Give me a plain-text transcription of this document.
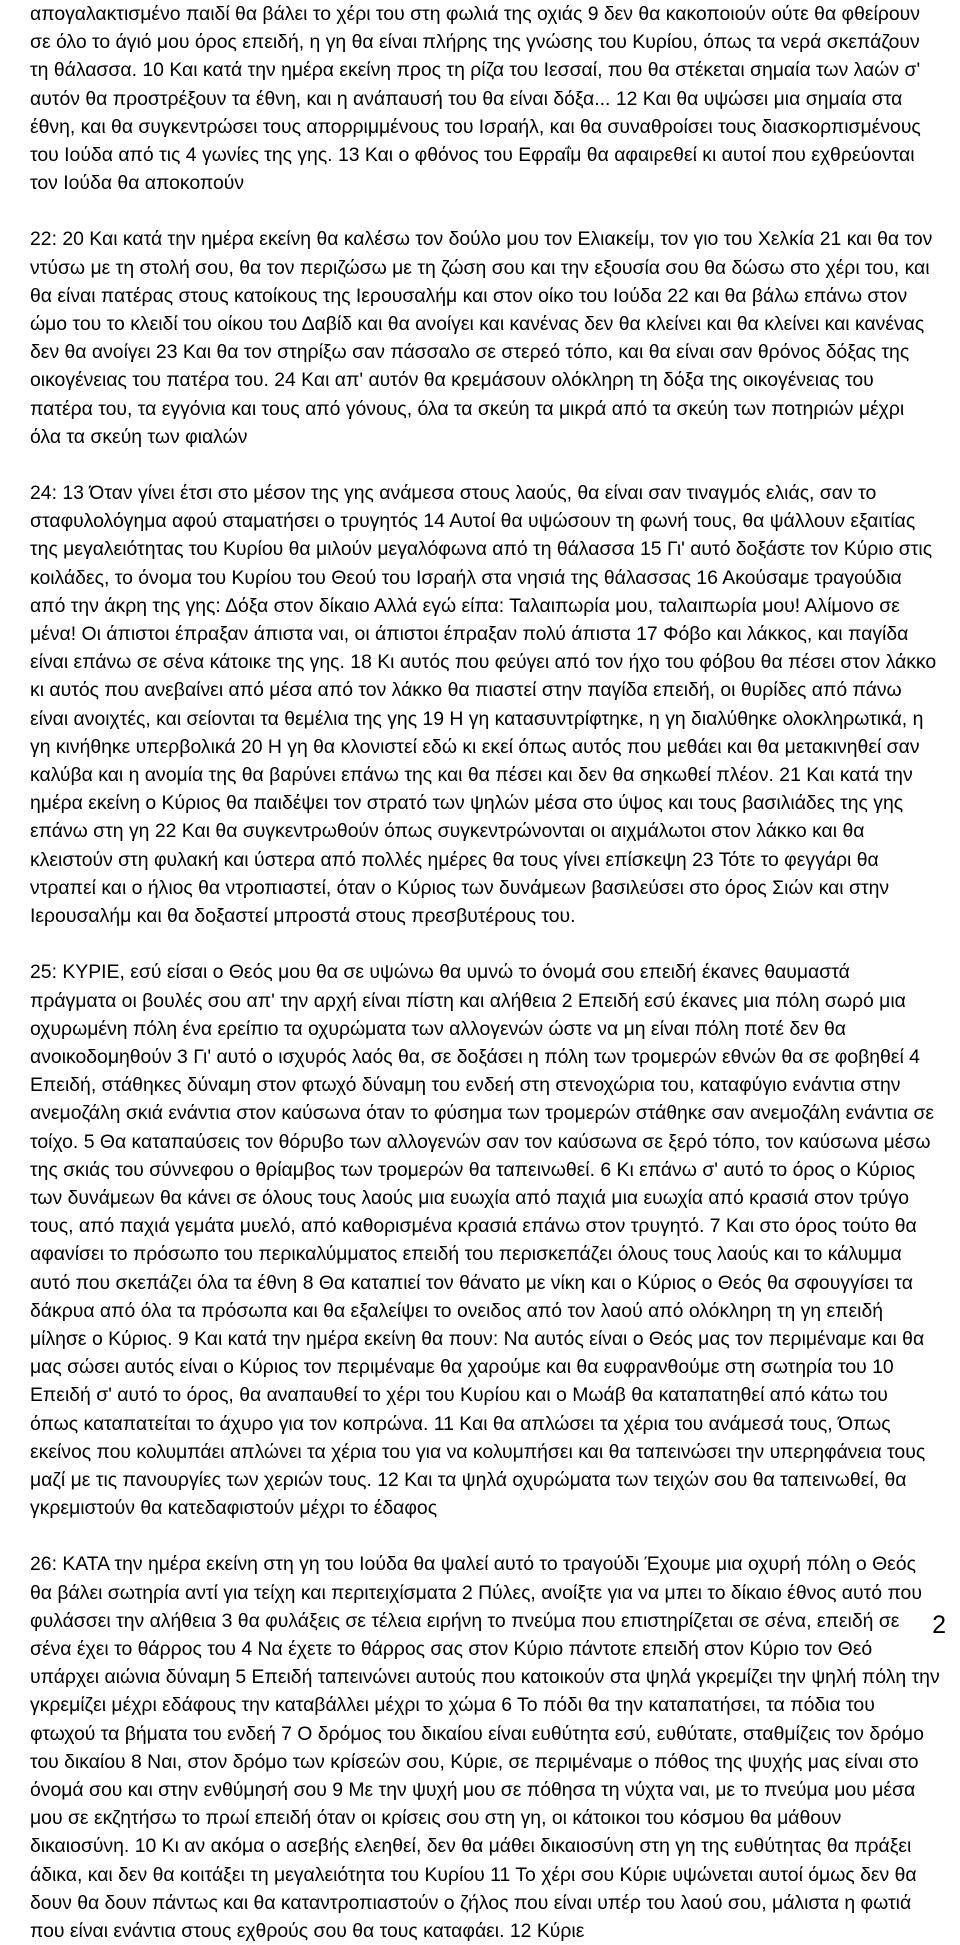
απογαλακτισμένο παιδί θα βάλει το χέρι του στη φωλιά της οχιάς 9 δεν θα κακοποιούν ούτε θα φθείρουν σε όλο το άγιό μου όρος επειδή, η γη θα είναι πλήρης της γνώσης του Κυρίου, όπως τα νερά σκεπάζουν τη θάλασσα. 10 Και κατά την ημέρα εκείνη προς τη ρίζα του Ιεσσαί, που θα στέκεται σημαία των λαών σ' αυτόν θα προστρέξουν τα έθνη, και η ανάπαυσή του θα είναι δόξα... 12 Και θα υψώσει μια σημαία στα έθνη, και θα συγκεντρώσει τους απορριμμένους του Ισραήλ, και θα συναθροίσει τους διασκορπισμένους του Ιούδα από τις 4 γωνίες της γης. 13 Και ο φθόνος του Εφραΐμ θα αφαιρεθεί κι αυτοί που εχθρεύονται τον Ιούδα θα αποκοπούν

22: 20 Και κατά την ημέρα εκείνη θα καλέσω τον δούλο μου τον Ελιακείμ, τον γιο του Χελκία 21 και θα τον ντύσω με τη στολή σου, θα τον περιζώσω με τη ζώση σου και την εξουσία σου θα δώσω στο χέρι του, και θα είναι πατέρας στους κατοίκους της Ιερουσαλήμ και στον οίκο του Ιούδα 22 και θα βάλω επάνω στον ώμο του το κλειδί του οίκου του Δαβίδ και θα ανοίγει και κανένας δεν θα κλείνει και θα κλείνει και κανένας δεν θα ανοίγει 23 Και θα τον στηρίξω σαν πάσσαλο σε στερεό τόπο, και θα είναι σαν θρόνος δόξας της οικογένειας του πατέρα του. 24 Και απ' αυτόν θα κρεμάσουν ολόκληρη τη δόξα της οικογένειας του πατέρα του, τα εγγόνια και τους από γόνους, όλα τα σκεύη τα μικρά από τα σκεύη των ποτηριών μέχρι όλα τα σκεύη των φιαλών

24: 13 Όταν γίνει έτσι στο μέσον της γης ανάμεσα στους λαούς, θα είναι σαν τιναγμός ελιάς, σαν το σταφυλολόγημα αφού σταματήσει ο τρυγητός 14 Αυτοί θα υψώσουν τη φωνή τους, θα ψάλλουν εξαιτίας της μεγαλειότητας του Κυρίου θα μιλούν μεγαλόφωνα από τη θάλασσα 15 Γι' αυτό δοξάστε τον Κύριο στις κοιλάδες, το όνομα του Κυρίου του Θεού του Ισραήλ στα νησιά της θάλασσας 16 Ακούσαμε τραγούδια από την άκρη της γης: Δόξα στον δίκαιο Αλλά εγώ είπα: Ταλαιπωρία μου, ταλαιπωρία μου! Αλίμονο σε μένα! Οι άπιστοι έπραξαν άπιστα ναι, οι άπιστοι έπραξαν πολύ άπιστα 17 Φόβο και λάκκος, και παγίδα είναι επάνω σε σένα κάτοικε της γης. 18 Κι αυτός που φεύγει από τον ήχο του φόβου θα πέσει στον λάκκο κι αυτός που ανεβαίνει από μέσα από τον λάκκο θα πιαστεί στην παγίδα επειδή, οι θυρίδες από πάνω είναι ανοιχτές, και σείονται τα θεμέλια της γης 19 Η γη κατασυντρίφτηκε, η γη διαλύθηκε ολοκληρωτικά, η γη κινήθηκε υπερβολικά 20 Η γη θα κλονιστεί εδώ κι εκεί όπως αυτός που μεθάει και θα μετακινηθεί σαν καλύβα και η ανομία της θα βαρύνει επάνω της και θα πέσει και δεν θα σηκωθεί πλέον. 21 Και κατά την ημέρα εκείνη ο Κύριος θα παιδέψει τον στρατό των ψηλών μέσα στο ύψος και τους βασιλιάδες της γης επάνω στη γη 22 Και θα συγκεντρωθούν όπως συγκεντρώνονται οι αιχμάλωτοι στον λάκκο και θα κλειστούν στη φυλακή και ύστερα από πολλές ημέρες θα τους γίνει επίσκεψη 23 Τότε το φεγγάρι θα ντραπεί και ο ήλιος θα ντροπιαστεί, όταν ο Κύριος των δυνάμεων βασιλεύσει στο όρος Σιών και στην Ιερουσαλήμ και θα δοξαστεί μπροστά στους πρεσβυτέρους του.

25: ΚΥΡΙΕ, εσύ είσαι ο Θεός μου θα σε υψώνω θα υμνώ το όνομά σου επειδή έκανες θαυμαστά πράγματα οι βουλές σου απ' την αρχή είναι πίστη και αλήθεια 2 Επειδή εσύ έκανες μια πόλη σωρό μια οχυρωμένη πόλη ένα ερείπιο τα οχυρώματα των αλλογενών ώστε να μη είναι πόλη ποτέ δεν θα ανοικοδομηθούν 3 Γι' αυτό ο ισχυρός λαός θα, σε δοξάσει η πόλη των τρομερών εθνών θα σε φοβηθεί 4 Επειδή, στάθηκες δύναμη στον φτωχό δύναμη του ενδεή στη στενοχώρια του, καταφύγιο ενάντια στην ανεμοζάλη σκιά ενάντια στον καύσωνα όταν το φύσημα των τρομερών στάθηκε σαν ανεμοζάλη ενάντια σε τοίχο. 5 Θα καταπαύσεις τον θόρυβο των αλλογενών σαν τον καύσωνα σε ξερό τόπο, τον καύσωνα μέσω της σκιάς του σύννεφου ο θρίαμβος των τρομερών θα ταπεινωθεί. 6 Κι επάνω σ' αυτό το όρος ο Κύριος των δυνάμεων θα κάνει σε όλους τους λαούς μια ευωχία από παχιά μια ευωχία από κρασιά στον τρύγο τους, από παχιά γεμάτα μυελό, από καθορισμένα κρασιά επάνω στον τρυγητό. 7 Και στο όρος τούτο θα αφανίσει το πρόσωπο του περικαλύμματος επειδή του περισκεπάζει όλους τους λαούς και το κάλυμμα αυτό που σκεπάζει όλα τα έθνη 8 Θα καταπιεί τον θάνατο με νίκη και ο Κύριος ο Θεός θα σφουγγίσει τα δάκρυα από όλα τα πρόσωπα και θα εξαλείψει το ονειδος από τον λαού από ολόκληρη τη γη επειδή μίλησε ο Κύριος. 9 Και κατά την ημέρα εκείνη θα πουν: Να αυτός είναι ο Θεός μας τον περιμέναμε και θα μας σώσει αυτός είναι ο Κύριος τον περιμέναμε θα χαρούμε και θα ευφρανθούμε στη σωτηρία του 10 Επειδή σ' αυτό το όρος, θα αναπαυθεί το χέρι του Κυρίου και ο Μωάβ θα καταπατηθεί από κάτω του όπως καταπατείται το άχυρο για τον κοπρώνα. 11 Και θα απλώσει τα χέρια του ανάμεσά τους, Όπως εκείνος που κολυμπάει απλώνει τα χέρια του για να κολυμπήσει και θα ταπεινώσει την υπερηφάνεια τους μαζί με τις πανουργίες των χεριών τους. 12 Και τα ψηλά οχυρώματα των τειχών σου θα ταπεινωθεί, θα γκρεμιστούν θα κατεδαφιστούν μέχρι το έδαφος

26: ΚΑΤΑ την ημέρα εκείνη στη γη του Ιούδα θα ψαλεί αυτό το τραγούδι Έχουμε μια οχυρή πόλη ο Θεός θα βάλει σωτηρία αντί για τείχη και περιτειχίσματα 2 Πύλες, ανοίξτε για να μπει το δίκαιο έθνος αυτό που φυλάσσει την αλήθεια 3 θα φυλάξεις σε τέλεια ειρήνη το πνεύμα που επιστηρίζεται σε σένα, επειδή σε σένα έχει το θάρρος του 4 Να έχετε το θάρρος σας στον Κύριο πάντοτε επειδή στον Κύριο τον Θεό υπάρχει αιώνια δύναμη 5 Επειδή ταπεινώνει αυτούς που κατοικούν στα ψηλά γκρεμίζει την ψηλή πόλη την γκρεμίζει μέχρι εδάφους την καταβάλλει μέχρι το χώμα 6 Το πόδι θα την καταπατήσει, τα πόδια του φτωχού τα βήματα του ενδεή 7 Ο δρόμος του δικαίου είναι ευθύτητα εσύ, ευθύτατε, σταθμίζεις τον δρόμο του δικαίου 8 Ναι, στον δρόμο των κρίσεών σου, Κύριε, σε περιμέναμε ο πόθος της ψυχής μας είναι στο όνομά σου και στην ενθύμησή σου 9 Με την ψυχή μου σε πόθησα τη νύχτα ναι, με το πνεύμα μου μέσα μου σε εκζητήσω το πρωί επειδή όταν οι κρίσεις σου στη γη, οι κάτοικοι του κόσμου θα μάθουν δικαιοσύνη. 10 Κι αν ακόμα ο ασεβής ελεηθεί, δεν θα μάθει δικαιοσύνη στη γη της ευθύτητας θα πράξει άδικα, και δεν θα κοιτάξει τη μεγαλειότητα του Κυρίου 11 Το χέρι σου Κύριε υψώνεται αυτοί όμως δεν θα δουν θα δουν πάντως και θα καταντροπιαστούν ο ζήλος που είναι υπέρ του λαού σου, μάλιστα η φωτιά που είναι ενάντια στους εχθρούς σου θα τους καταφάει. 12 Κύριε

2
